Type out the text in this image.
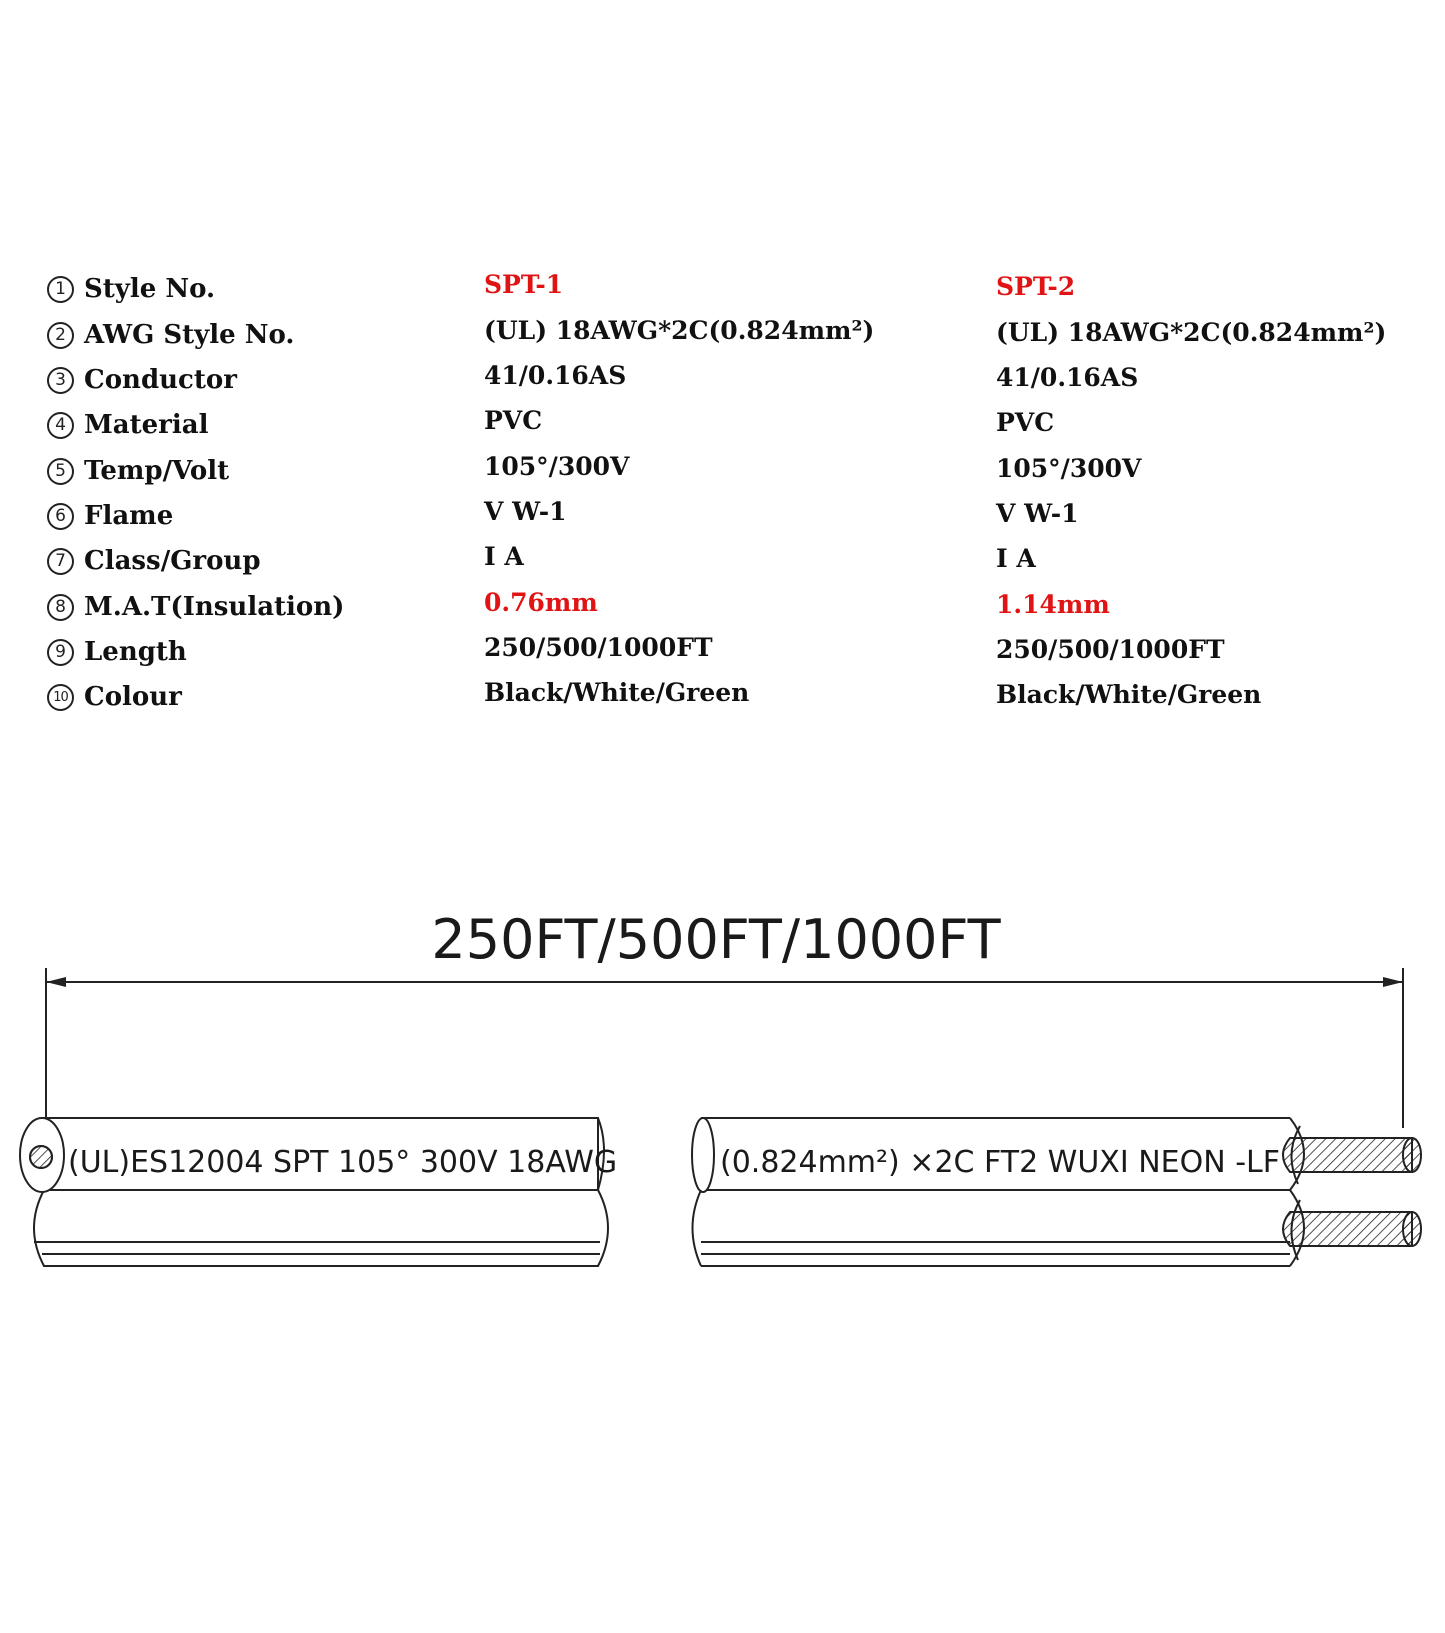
1 Style No.	SPT-1	SPT-2
2 AWG Style No.	(UL) 18AWG*2C(0.824mm²)	(UL) 18AWG*2C(0.824mm²)
3 Conductor	41/0.16AS	41/0.16AS
4 Material	PVC	PVC
5 Temp/Volt	105°/300V	105°/300V
6 Flame	V W-1	V W-1
7 Class/Group	I A	I A
8 M.A.T(Insulation)	0.76mm	1.14mm
9 Length	250/500/1000FT	250/500/1000FT
10 Colour	Black/White/Green	Black/White/Green
250FT/500FT/1000FT
(UL)ES12004 SPT 105° 300V 18AWG	(0.824mm²) ×2C FT2 WUXI NEON -LF
